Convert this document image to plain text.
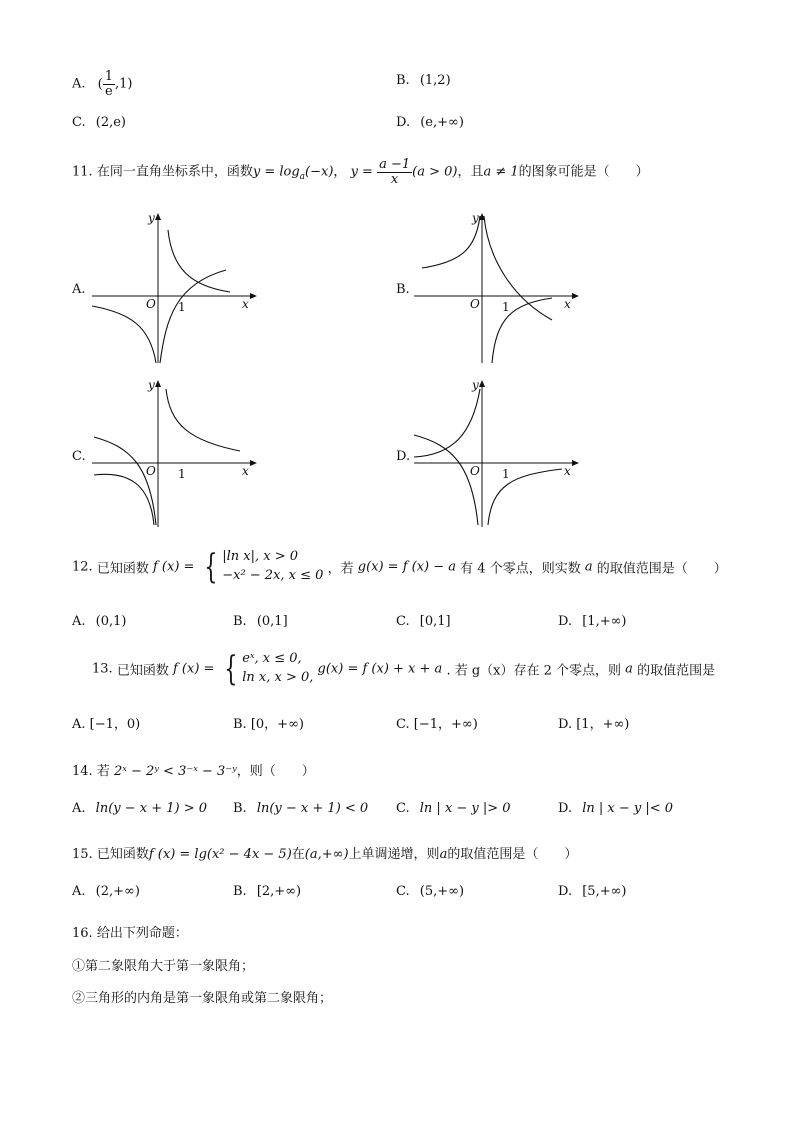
A. ( $\frac{1}{e} ,1$)	B. (1,2)
C. (2,e)	D. (e,+∞)
11. 在同一直角坐标系中，函数$y = \log_a(-x)$， $y = \frac{a -1}{x} (a > 0)$，且a ≠ 1的图象可能是（　　）
A.
y
x
O 1
B.
y
x
O 1
C.
y
x
O 1
D.
y
x
O 1
12. 已知函数 f (x) = { |ln x|, x > 0
−x² − 2x, x ≤ 0 ，若 g(x) = f (x) − a 有 4 个零点，则实数 a 的取值范围是（　　）
A. (0,1)	B. (0,1]	C. [0,1]	D. [1,+∞)
13. 已知函数 f (x) = { eˣ, x ≤ 0,
ln x, x > 0,
g(x) = f (x) + x + a . 若 g（x）存在 2 个零点，则 a 的取值范围是
A. [−1，0)	B. [0，+∞)	C. [−1，+∞)	D. [1，+∞)
14. 若 2ˣ − 2ʸ < 3⁻ˣ − 3⁻ʸ，则（　　）
A. ln(y − x + 1) > 0 B. ln(y − x + 1) < 0 C. ln | x − y |> 0	D. ln | x − y |< 0
15. 已知函数f (x) = lg(x² − 4x − 5)在(a,+∞)上单调递增，则a的取值范围是（　　）
A. (2,+∞)	B. [2,+∞)	C. (5,+∞)	D. [5,+∞)
16. 给出下列命题：
①第二象限角大于第一象限角；
②三角形的内角是第一象限角或第二象限角；
